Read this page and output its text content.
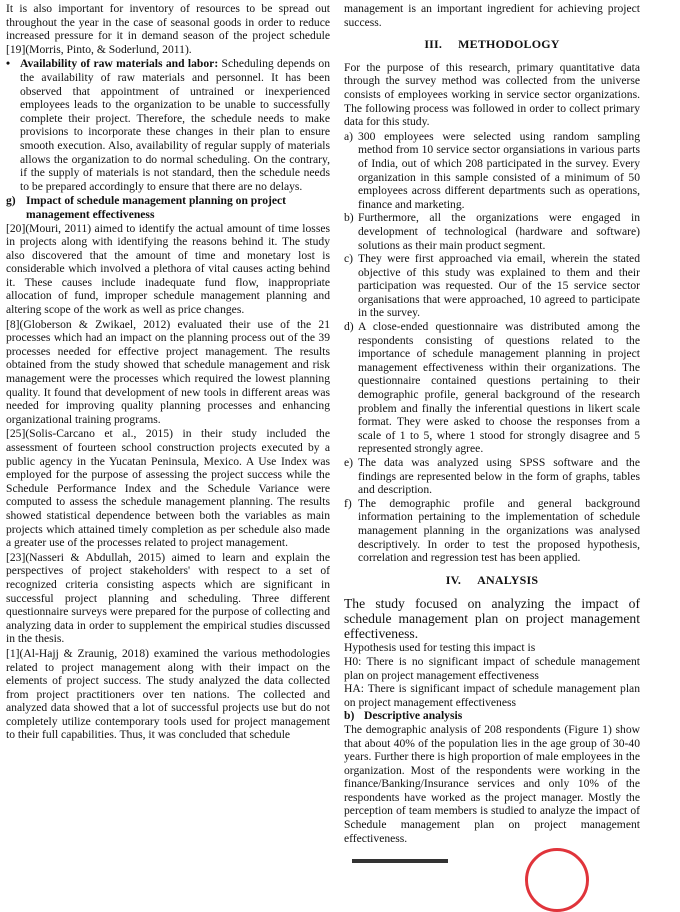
It is also important for inventory of resources to be spread out throughout the year in the case of seasonal goods in order to reduce increased pressure for it in demand season of the project schedule [19](Morris, Pinto, & Soderlund, 2011).

• Availability of raw materials and labor: Scheduling depends on the availability of raw materials and personnel. It has been observed that appointment of untrained or inexperienced employees leads to the organization to be unable to successfully complete their project. Therefore, the schedule needs to make provisions to incorporate these changes in their plan to ensure smooth execution. Also, availability of regular supply of materials allows the organization to do normal scheduling. On the contrary, if the supply of materials is not standard, then the schedule needs to be prepared accordingly to ensure that there are no delays.

g) Impact of schedule management planning on project management effectiveness

[20](Mouri, 2011) aimed to identify the actual amount of time losses in projects along with identifying the reasons behind it. The study also discovered that the amount of time and monetary lost is considerable which involved a plethora of vital causes acting behind it. These causes include inadequate fund flow, inappropriate allocation of fund, improper schedule management planning and altering scope of the work as well as price changes.

[8](Globerson & Zwikael, 2012) evaluated their use of the 21 processes which had an impact on the planning process out of the 39 processes needed for effective project management. The results obtained from the study showed that schedule management and risk management were the processes which required the lowest planning quality. It found that development of new tools in different areas was needed for improving quality planning processes and enhancing organizational training programs.

[25](Solis-Carcano et al., 2015) in their study included the assessment of fourteen school construction projects executed by a public agency in the Yucatan Peninsula, Mexico. A Use Index was employed for the purpose of assessing the project success while the Schedule Performance Index and the Schedule Variance were computed to assess the schedule management planning. The results showed statistical dependence between both the variables as main projects which attained timely completion as per schedule also made a greater use of the processes related to project management.

[23](Nasseri & Abdullah, 2015) aimed to learn and explain the perspectives of project stakeholders' with respect to a set of recognized criteria consisting aspects which are significant in successful project planning and scheduling. Three different questionnaire surveys were prepared for the purpose of collecting and analyzing data in order to supplement the empirical studies discussed in the thesis.

[1](Al-Hajj & Zraunig, 2018) examined the various methodologies related to project management along with their impact on the elements of project success. The study analyzed the data collected from project practitioners over ten nations. The collected and analyzed data showed that a lot of successful projects use but do not completely utilize contemporary tools used for project management to their full capabilities. Thus, it was concluded that schedule

management is an important ingredient for achieving project success.

III. METHODOLOGY

For the purpose of this research, primary quantitative data through the survey method was collected from the universe consists of employees working in service sector organizations. The following process was followed in order to collect primary data for this study.

a) 300 employees were selected using random sampling method from 10 service sector organsiations in various parts of India, out of which 208 participated in the survey. Every organization in this sample consisted of a minimum of 50 employees across different departments such as operations, finance and marketing.

b) Furthermore, all the organizations were engaged in development of technological (hardware and software) solutions as their main product segment.

c) They were first approached via email, wherein the stated objective of this study was explained to them and their participation was requested. Our of the 15 service sector organisations that were approached, 10 agreed to participate in the survey.

d) A close-ended questionnaire was distributed among the respondents consisting of questions related to the importance of schedule management planning in project management effectiveness within their organizations. The questionnaire contained questions pertaining to their demographic profile, general background of the research problem and finally the inferential questions in likert scale format. They were asked to choose the responses from a scale of 1 to 5, where 1 stood for strongly disagree and 5 represented strongly agree.

e) The data was analyzed using SPSS software and the findings are represented below in the form of graphs, tables and description.

f) The demographic profile and general background information pertaining to the implementation of schedule management planning in the organizations was analysed descriptively. In order to test the proposed hypothesis, correlation and regression test has been applied.

IV. ANALYSIS

The study focused on analyzing the impact of schedule management plan on project management effectiveness.

Hypothesis used for testing this impact is

H0: There is no significant impact of schedule management plan on project management effectiveness

HA: There is significant impact of schedule management plan on project management effectiveness

b) Descriptive analysis

The demographic analysis of 208 respondents (Figure 1) show that about 40% of the population lies in the age group of 30-40 years. Further there is high proportion of male employees in the organization. Most of the respondents were working in the finance/Banking/Insurance services and only 10% of the respondents have worked as the project manager. Mostly the perception of team members is studied to analyze the impact of Schedule management plan on project management effectiveness.
